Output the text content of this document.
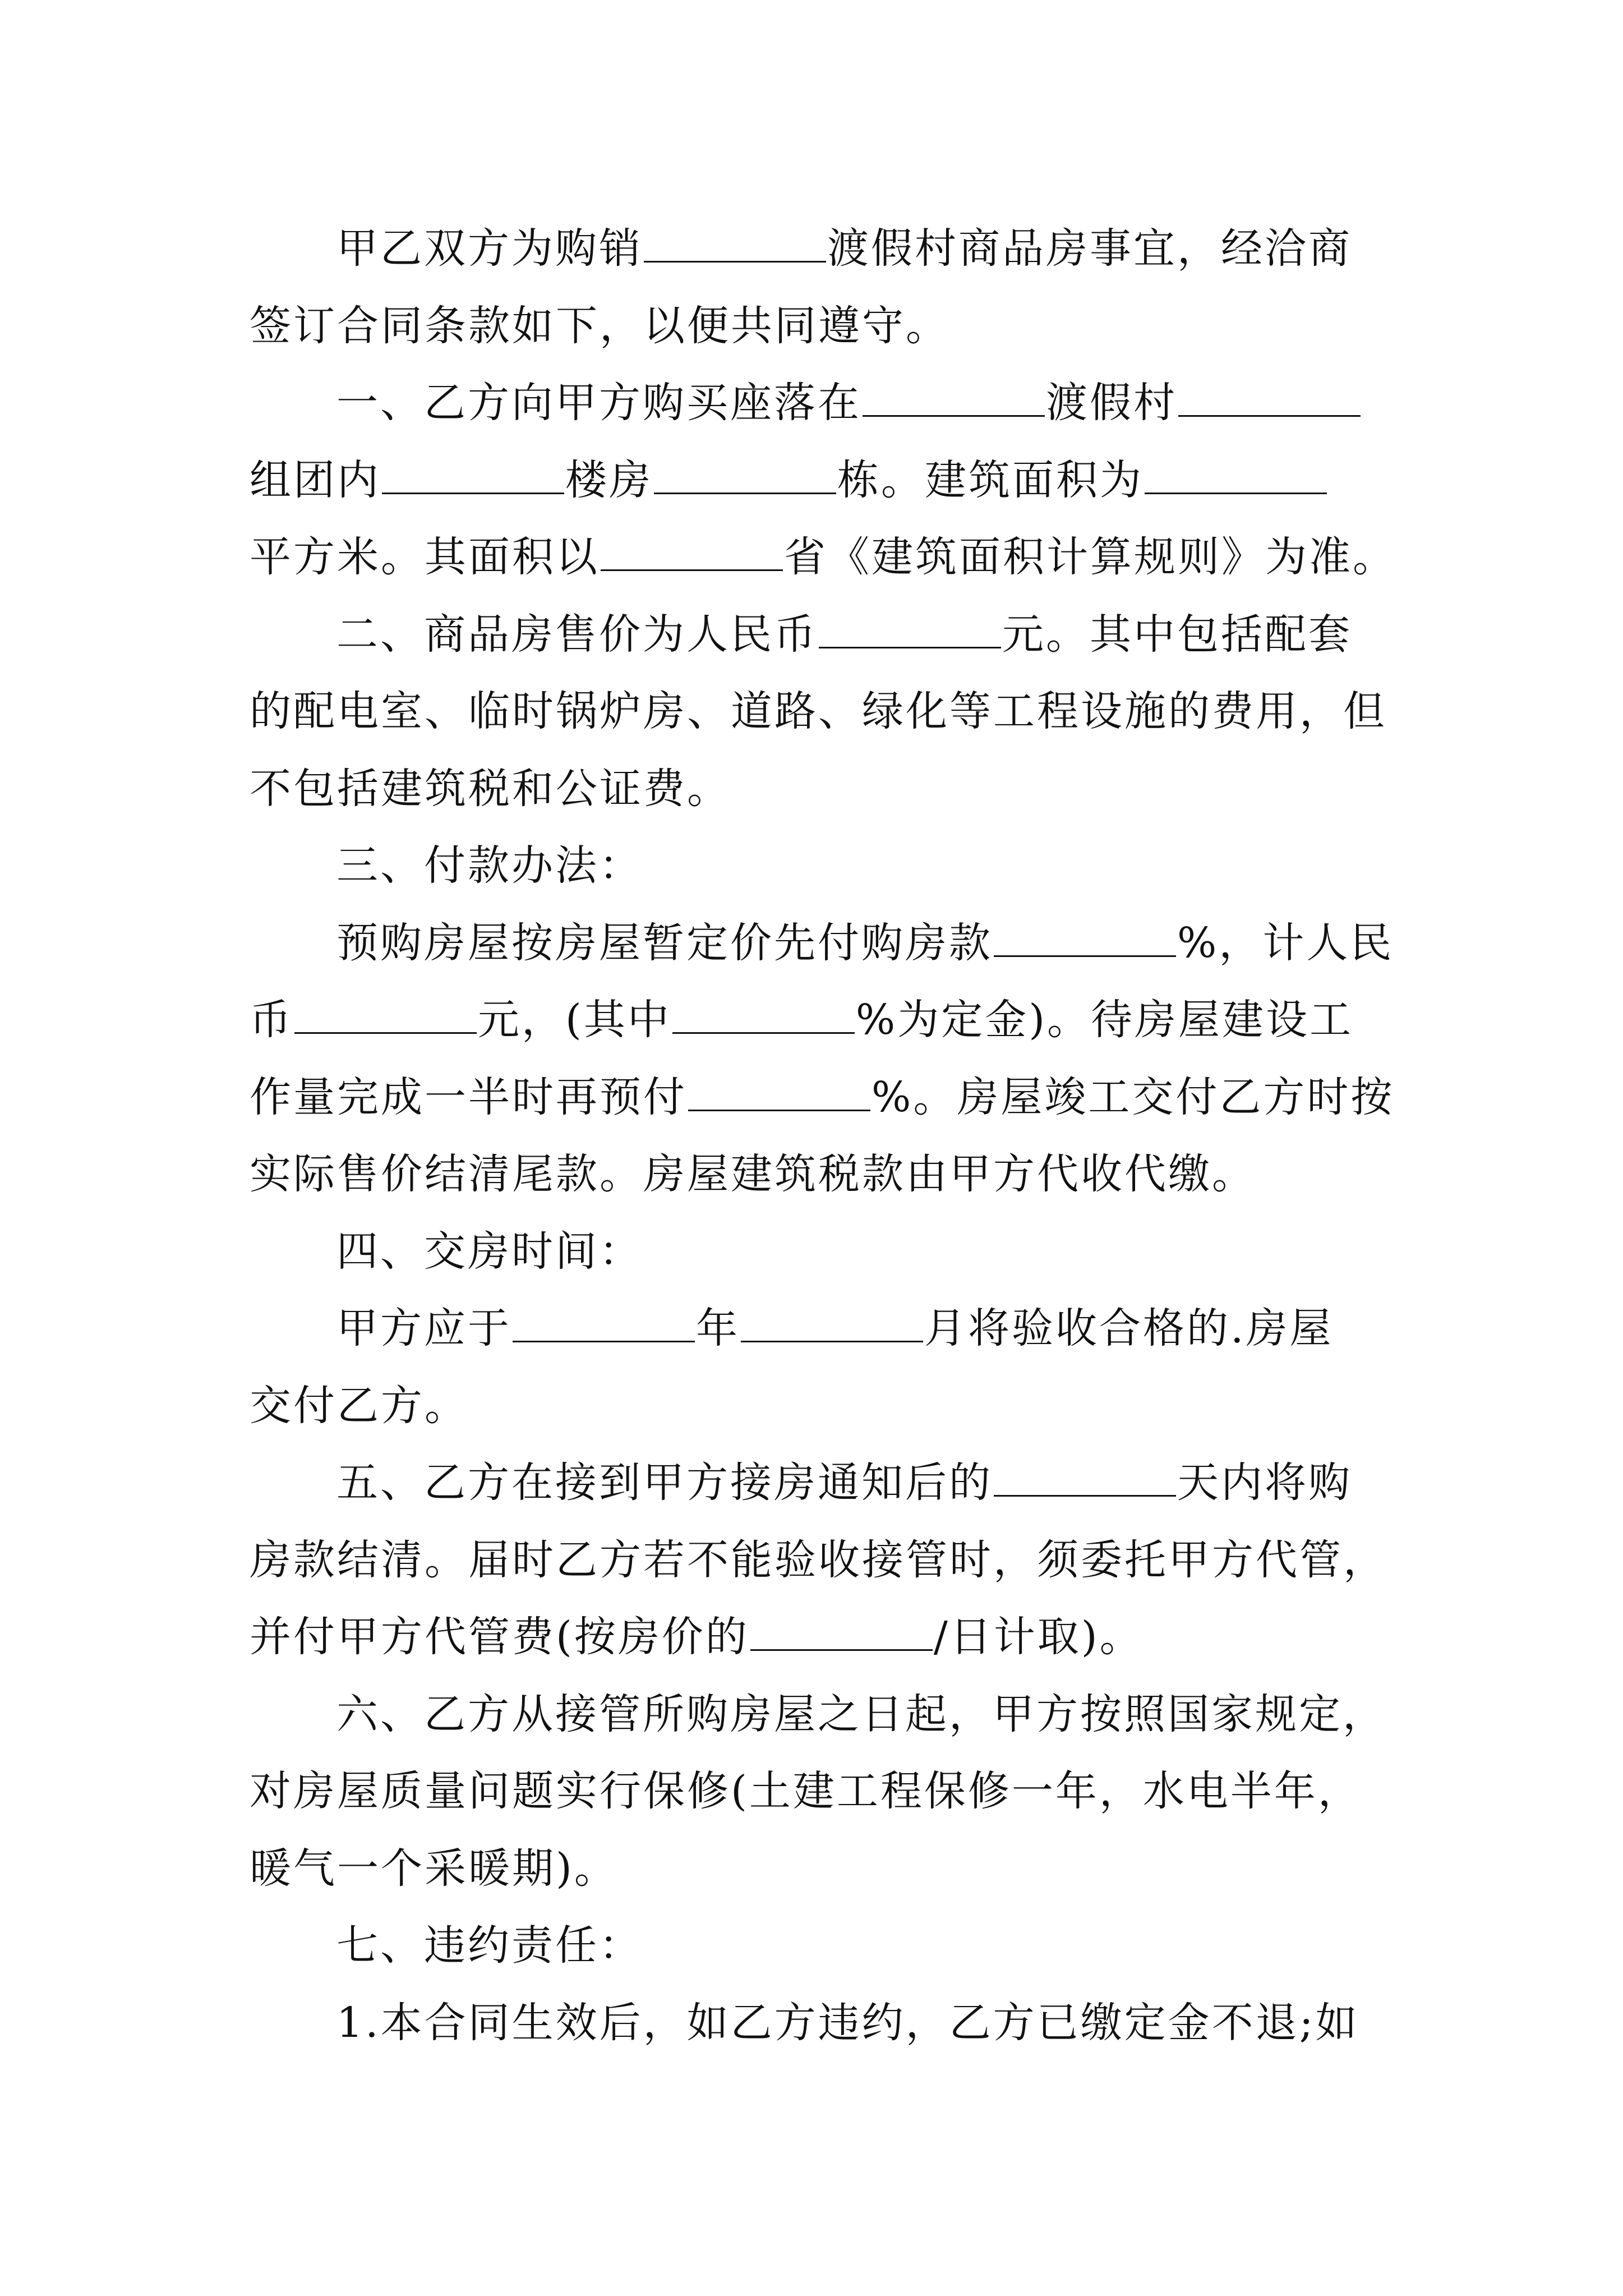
甲乙双方为购销	渡假村商品房事宜，经洽商
签订合同条款如下，以便共同遵守。
一、乙方向甲方购买座落在	渡假村
组团内	楼房	栋。建筑面积为
平方米。其面积以	省《建筑面积计算规则》为准。
二、商品房售价为人民币	元。其中包括配套
的配电室、临时锅炉房、道路、绿化等工程设施的费用，但
不包括建筑税和公证费。
三、付款办法：
预购房屋按房屋暂定价先付购房款	%，计人民
币	元，(其中	%为定金)。待房屋建设工
作量完成一半时再预付	%。房屋竣工交付乙方时按
实际售价结清尾款。房屋建筑税款由甲方代收代缴。
四、交房时间：
甲方应于	年	月将验收合格的.房屋
交付乙方。
五、乙方在接到甲方接房通知后的	天内将购
房款结清。届时乙方若不能验收接管时，须委托甲方代管，
并付甲方代管费(按房价的	/日计取)。
六、乙方从接管所购房屋之日起，甲方按照国家规定，
对房屋质量问题实行保修(土建工程保修一年，水电半年，
暖气一个采暖期)。
七、违约责任：
1.本合同生效后，如乙方违约，乙方已缴定金不退;如
